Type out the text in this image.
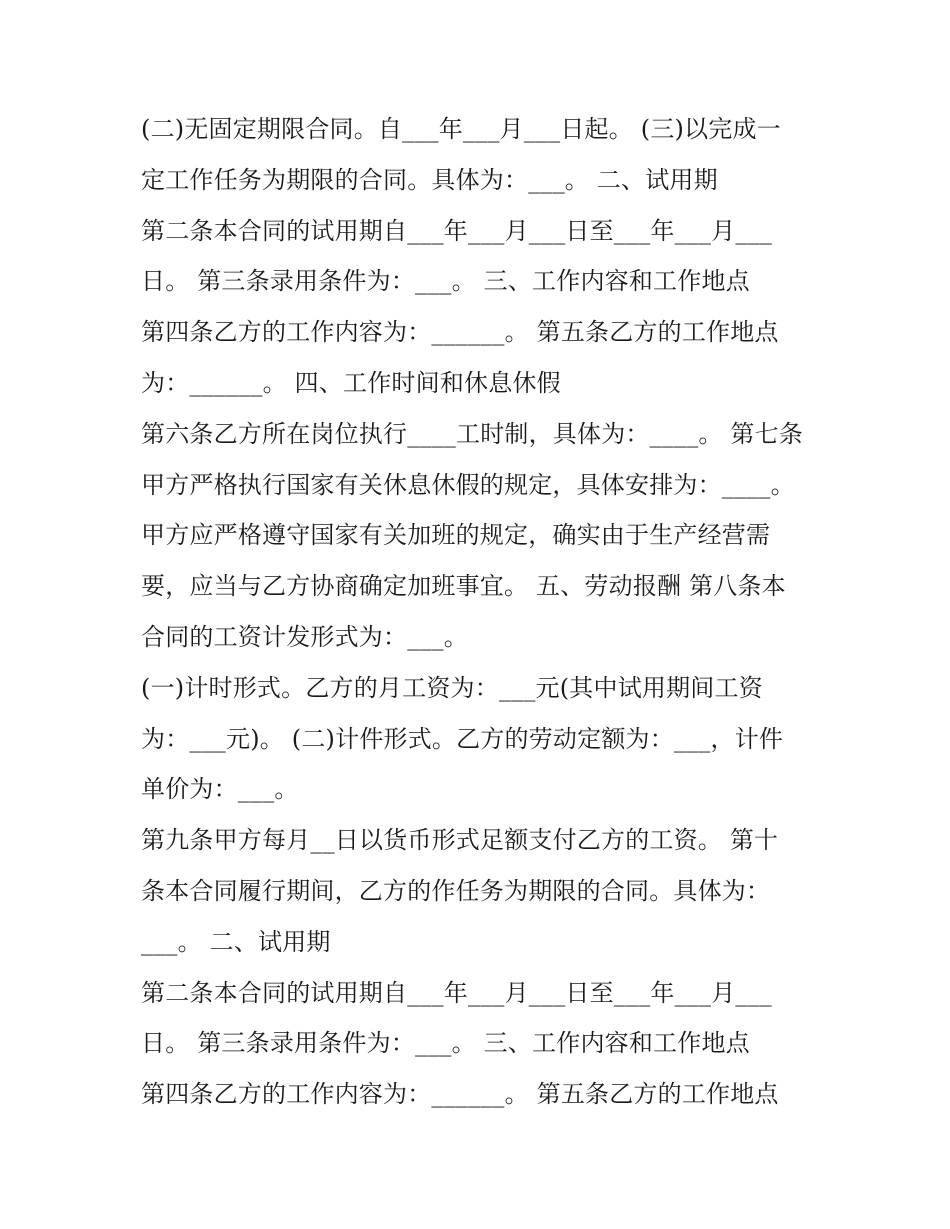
(二)无固定期限合同。自___年___月___日起。 (三)以完成一
定工作任务为期限的合同。具体为：___。 二、试用期
第二条本合同的试用期自___年___月___日至___年___月___
日。 第三条录用条件为：___。 三、工作内容和工作地点
第四条乙方的工作内容为：______。 第五条乙方的工作地点
为：______。 四、工作时间和休息休假
第六条乙方所在岗位执行____工时制，具体为：____。 第七条
甲方严格执行国家有关休息休假的规定，具体安排为：____。
甲方应严格遵守国家有关加班的规定，确实由于生产经营需
要，应当与乙方协商确定加班事宜。 五、劳动报酬 第八条本
合同的工资计发形式为：___。
(一)计时形式。乙方的月工资为：___元(其中试用期间工资
为：___元)。 (二)计件形式。乙方的劳动定额为：___，计件
单价为：___。
第九条甲方每月__日以货币形式足额支付乙方的工资。 第十
条本合同履行期间，乙方的作任务为期限的合同。具体为：
___。 二、试用期
第二条本合同的试用期自___年___月___日至___年___月___
日。 第三条录用条件为：___。 三、工作内容和工作地点
第四条乙方的工作内容为：______。 第五条乙方的工作地点
